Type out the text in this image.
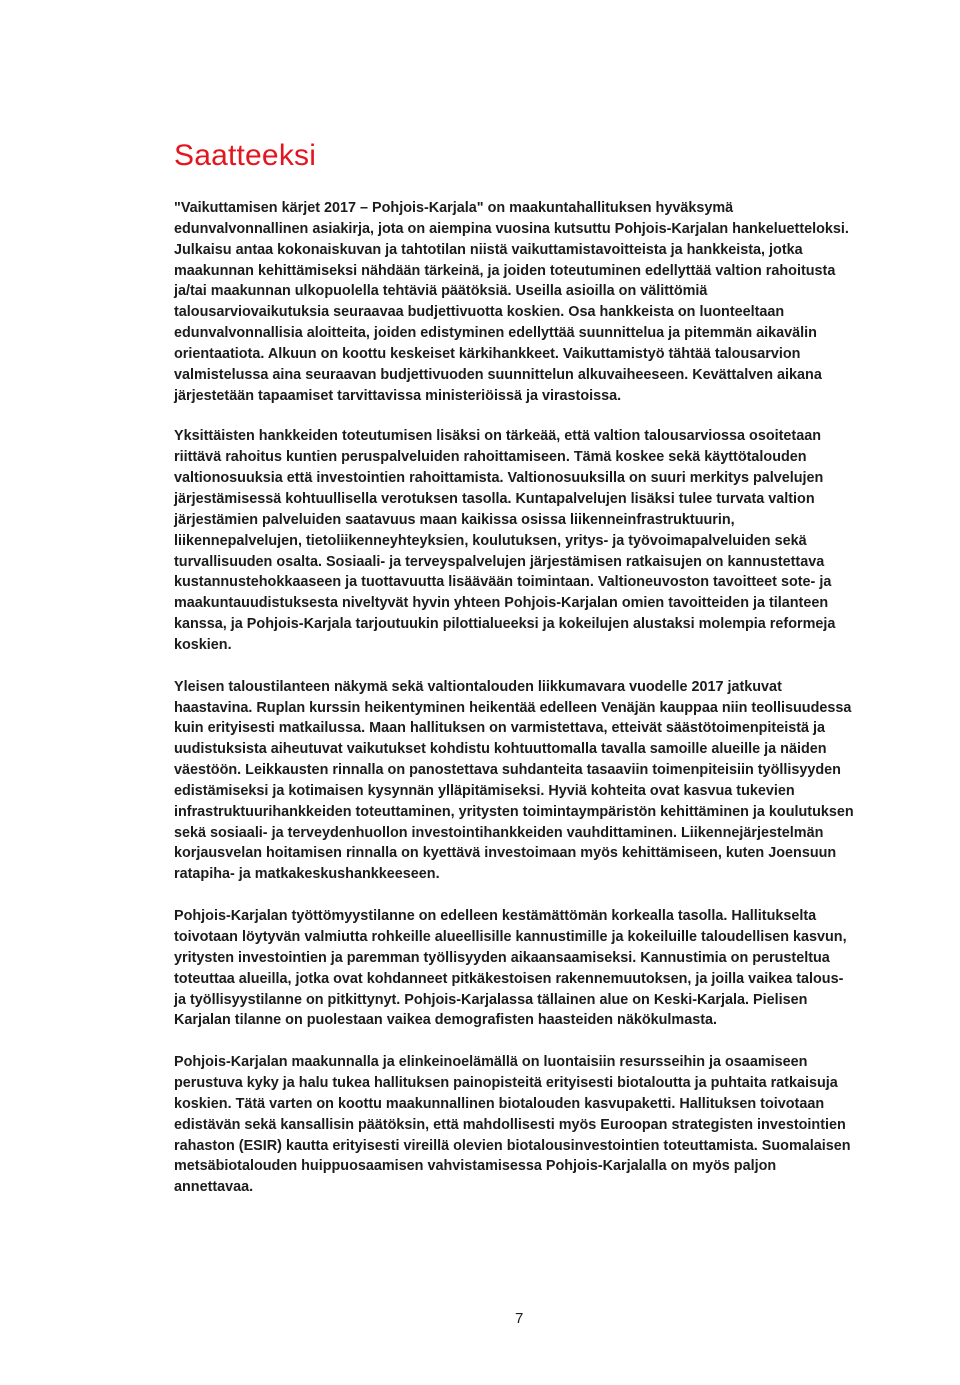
Saatteeksi

"Vaikuttamisen kärjet 2017 – Pohjois-Karjala" on maakuntahallituksen hyväksymä
edunvalvonnallinen asiakirja, jota on aiempina vuosina kutsuttu Pohjois-Karjalan hankeluetteloksi.
Julkaisu antaa kokonaiskuvan ja tahtotilan niistä vaikuttamistavoitteista ja hankkeista, jotka
maakunnan kehittämiseksi nähdään tärkeinä, ja joiden toteutuminen edellyttää valtion rahoitusta
ja/tai maakunnan ulkopuolella tehtäviä päätöksiä. Useilla asioilla on välittömiä
talousarviovaikutuksia seuraavaa budjettivuotta koskien. Osa hankkeista on luonteeltaan
edunvalvonnallisia aloitteita, joiden edistyminen edellyttää suunnittelua ja pitemmän aikavälin
orientaatiota. Alkuun on koottu keskeiset kärkihankkeet. Vaikuttamistyö tähtää talousarvion
valmistelussa aina seuraavan budjettivuoden suunnittelun alkuvaiheeseen. Kevättalven aikana
järjestetään tapaamiset tarvittavissa ministeriöissä ja virastoissa.

Yksittäisten hankkeiden toteutumisen lisäksi on tärkeää, että valtion talousarviossa osoitetaan
riittävä rahoitus kuntien peruspalveluiden rahoittamiseen. Tämä koskee sekä käyttötalouden
valtionosuuksia että investointien rahoittamista. Valtionosuuksilla on suuri merkitys palvelujen
järjestämisessä kohtuullisella verotuksen tasolla. Kuntapalvelujen lisäksi tulee turvata valtion
järjestämien palveluiden saatavuus maan kaikissa osissa liikenneinfrastruktuurin,
liikennepalvelujen, tietoliikenneyhteyksien, koulutuksen, yritys- ja työvoimapalveluiden sekä
turvallisuuden osalta. Sosiaali- ja terveyspalvelujen järjestämisen ratkaisujen on kannustettava
kustannustehokkaaseen ja tuottavuutta lisäävään toimintaan. Valtioneuvoston tavoitteet sote- ja
maakuntauudistuksesta niveltyvät hyvin yhteen Pohjois-Karjalan omien tavoitteiden ja tilanteen
kanssa, ja Pohjois-Karjala tarjoutuukin pilottialueeksi ja kokeilujen alustaksi molempia reformeja
koskien.

Yleisen taloustilanteen näkymä sekä valtiontalouden liikkumavara vuodelle 2017 jatkuvat
haastavina. Ruplan kurssin heikentyminen heikentää edelleen Venäjän kauppaa niin teollisuudessa
kuin erityisesti matkailussa. Maan hallituksen on varmistettava, etteivät säästötoimenpiteistä ja
uudistuksista aiheutuvat vaikutukset kohdistu kohtuuttomalla tavalla samoille alueille ja näiden
väestöön. Leikkausten rinnalla on panostettava suhdanteita tasaaviin toimenpiteisiin työllisyyden
edistämiseksi ja kotimaisen kysynnän ylläpitämiseksi. Hyviä kohteita ovat kasvua tukevien
infrastruktuurihankkeiden toteuttaminen, yritysten toimintaympäristön kehittäminen ja koulutuksen
sekä sosiaali- ja terveydenhuollon investointihankkeiden vauhdittaminen. Liikennejärjestelmän
korjausvelan hoitamisen rinnalla on kyettävä investoimaan myös kehittämiseen, kuten Joensuun
ratapiha- ja matkakeskushankkeeseen.

Pohjois-Karjalan työttömyystilanne on edelleen kestämättömän korkealla tasolla. Hallitukselta
toivotaan löytyvän valmiutta rohkeille alueellisille kannustimille ja kokeiluille taloudellisen kasvun,
yritysten investointien ja paremman työllisyyden aikaansaamiseksi. Kannustimia on perusteltua
toteuttaa alueilla, jotka ovat kohdanneet pitkäkestoisen rakennemuutoksen, ja joilla vaikea talous-
ja työllisyystilanne on pitkittynyt. Pohjois-Karjalassa tällainen alue on Keski-Karjala. Pielisen
Karjalan tilanne on puolestaan vaikea demografisten haasteiden näkökulmasta.

Pohjois-Karjalan maakunnalla ja elinkeinoelämällä on luontaisiin resursseihin ja osaamiseen
perustuva kyky ja halu tukea hallituksen painopisteitä erityisesti biotaloutta ja puhtaita ratkaisuja
koskien. Tätä varten on koottu maakunnallinen biotalouden kasvupaketti. Hallituksen toivotaan
edistävän sekä kansallisin päätöksin, että mahdollisesti myös Euroopan strategisten investointien
rahaston (ESIR) kautta erityisesti vireillä olevien biotalousinvestointien toteuttamista. Suomalaisen
metsäbiotalouden huippuosaamisen vahvistamisessa Pohjois-Karjalalla on myös paljon
annettavaa.

7
